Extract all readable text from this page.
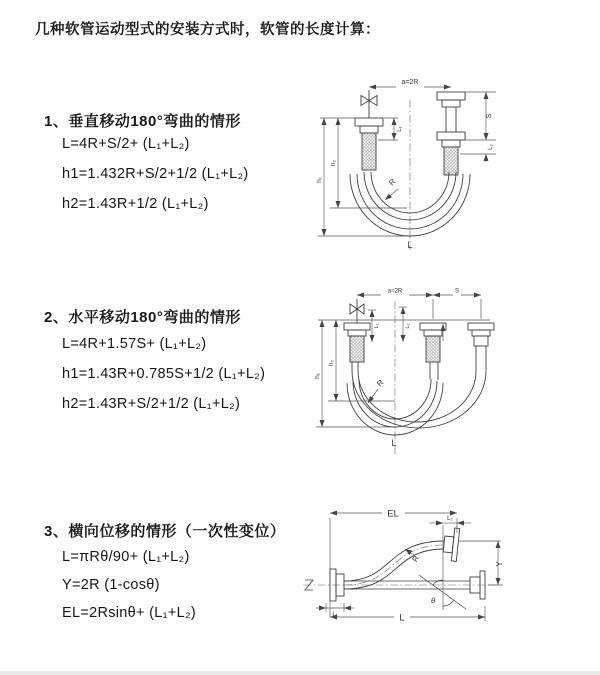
几种软管运动型式的安装方式时，软管的长度计算：
1、垂直移动180°弯曲的情形
L=4R+S/2+ (L₁+L₂)
h1=1.432R+S/2+1/2 (L₁+L₂)
h2=1.43R+1/2 (L₁+L₂)
a=2R
L₁
S
L₂
h₂
h₁	R
L
2、水平移动180°弯曲的情形
L=4R+1.57S+ (L₁+L₂)
h1=1.43R+0.785S+1/2 (L₁+L₂)
h2=1.43R+S/2+1/2 (L₁+L₂)
a=2R	S
L₁	L₂
h₁
h₂
R
L
3、横向位移的情形（一次性变位）
L=πRθ/90+ (L₁+L₂)
Y=2R (1-cosθ)
EL=2Rsinθ+ (L₁+L₂)
EL	L₂
Y
L
L₁
R
θ
